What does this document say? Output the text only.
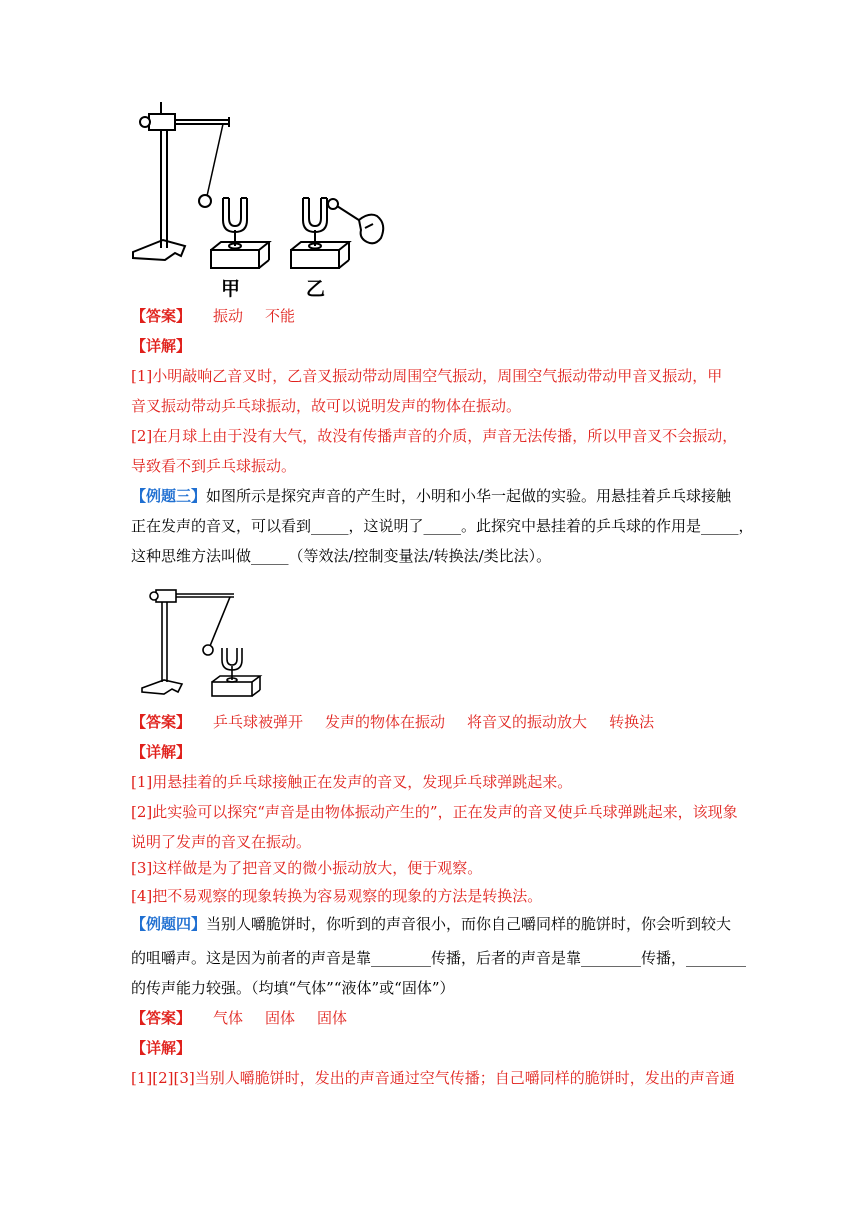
甲	乙
【答案】 振动 不能
【详解】
[1]小明敲响乙音叉时，乙音叉振动带动周围空气振动，周围空气振动带动甲音叉振动，甲
音叉振动带动乒乓球振动，故可以说明发声的物体在振动。
[2]在月球上由于没有大气，故没有传播声音的介质，声音无法传播，所以甲音叉不会振动，
导致看不到乒乓球振动。
【例题三】如图所示是探究声音的产生时，小明和小华一起做的实验。用悬挂着乒乓球接触
正在发声的音叉，可以看到_____，这说明了_____。此探究中悬挂着的乒乓球的作用是_____，
这种思维方法叫做_____（等效法/控制变量法/转换法/类比法）。
【答案】 乒乓球被弹开 发声的物体在振动 将音叉的振动放大 转换法
【详解】
[1]用悬挂着的乒乓球接触正在发声的音叉，发现乒乓球弹跳起来。
[2]此实验可以探究“声音是由物体振动产生的”，正在发声的音叉使乒乓球弹跳起来，该现象
说明了发声的音叉在振动。
[3]这样做是为了把音叉的微小振动放大，便于观察。
[4]把不易观察的现象转换为容易观察的现象的方法是转换法。
【例题四】当别人嚼脆饼时，你听到的声音很小，而你自己嚼同样的脆饼时，你会听到较大
的咀嚼声。这是因为前者的声音是靠________传播，后者的声音是靠________传播，________
的传声能力较强。（均填“气体”“液体”或“固体”）
【答案】 气体 固体 固体
【详解】
[1][2][3]当别人嚼脆饼时，发出的声音通过空气传播；自己嚼同样的脆饼时，发出的声音通
